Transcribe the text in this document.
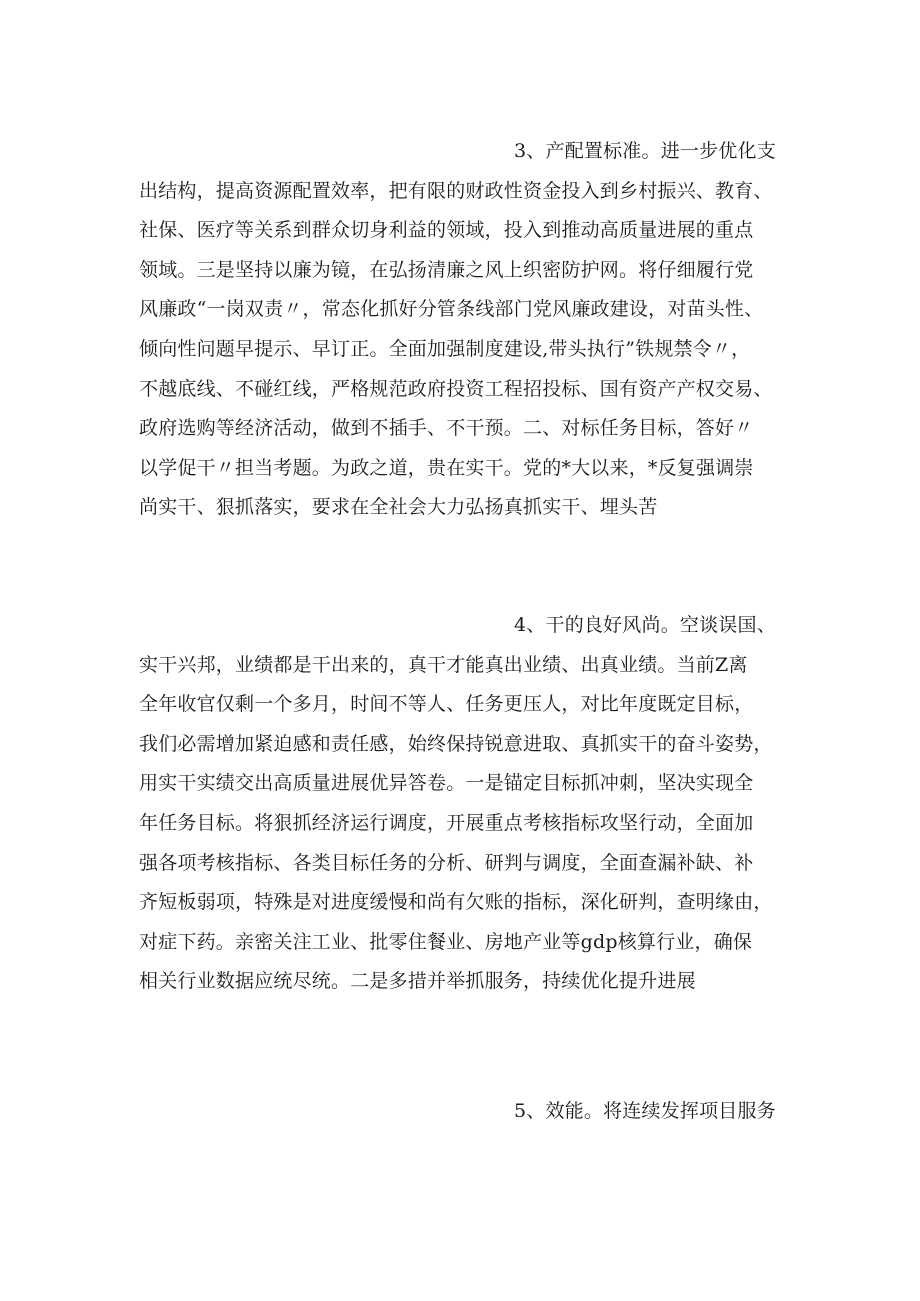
3、产配置标准。进一步优化支
出结构，提高资源配置效率，把有限的财政性资金投入到乡村振兴、教育、
社保、医疗等关系到群众切身利益的领域，投入到推动高质量进展的重点
领域。三是坚持以廉为镜，在弘扬清廉之风上织密防护网。将仔细履行党
风廉政“一岗双责〃，常态化抓好分管条线部门党风廉政建设，对苗头性、
倾向性问题早提示、早订正。全面加强制度建设,带头执行”铁规禁令〃，
不越底线、不碰红线，严格规范政府投资工程招投标、国有资产产权交易、
政府选购等经济活动，做到不插手、不干预。二、对标任务目标，答好〃
以学促干〃担当考题。为政之道，贵在实干。党的*大以来，*反复强调崇
尚实干、狠抓落实，要求在全社会大力弘扬真抓实干、埋头苦
4、干的良好风尚。空谈误国、
实干兴邦，业绩都是干出来的，真干才能真出业绩、出真业绩。当前Z离
全年收官仅剩一个多月，时间不等人、任务更压人，对比年度既定目标，
我们必需增加紧迫感和责任感，始终保持锐意进取、真抓实干的奋斗姿势，
用实干实绩交出高质量进展优异答卷。一是锚定目标抓冲刺，坚决实现全
年任务目标。将狠抓经济运行调度，开展重点考核指标攻坚行动，全面加
强各项考核指标、各类目标任务的分析、研判与调度，全面查漏补缺、补
齐短板弱项，特殊是对进度缓慢和尚有欠账的指标，深化研判，查明缘由，
对症下药。亲密关注工业、批零住餐业、房地产业等gdp核算行业，确保
相关行业数据应统尽统。二是多措并举抓服务，持续优化提升进展
5、效能。将连续发挥项目服务
